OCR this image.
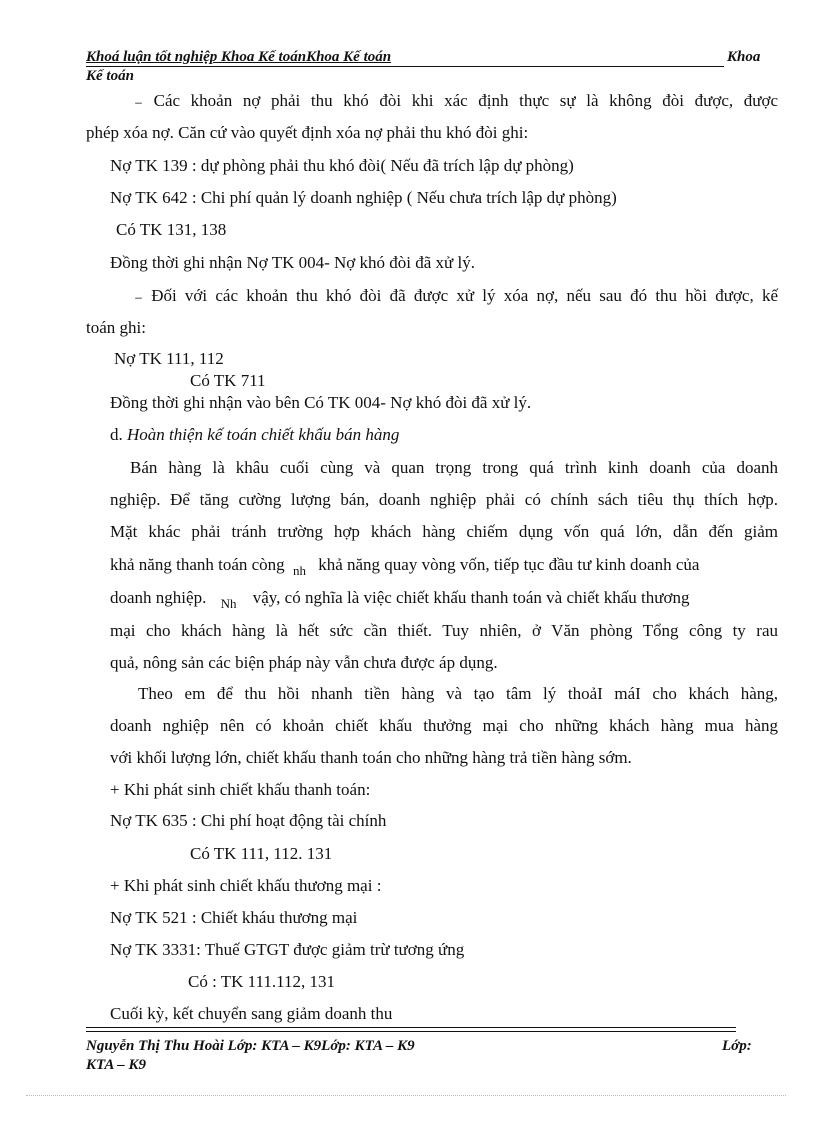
Khoá luận tốt nghiệp Khoa Kế toánKhoa Kế toán	Khoa
Kế toán
₋ Các khoản nợ phải thu khó đòi khi xác định thực sự là không đòi được, được
phép xóa nợ. Căn cứ vào quyết định xóa nợ phải thu khó đòi ghi:
Nợ TK 139 : dự phòng phải thu khó đòi( Nếu đã trích lập dự phòng)
Nợ TK 642 : Chi phí quản lý doanh nghiệp ( Nếu chưa trích lập dự phòng)
Có TK 131, 138
Đồng thời ghi nhận Nợ TK 004- Nợ khó đòi đã xử lý.
₋ Đối với các khoản thu khó đòi đã được xử lý xóa nợ, nếu sau đó thu hồi được, kế
toán ghi:
Nợ TK 111, 112
Có TK 711
Đồng thời ghi nhận vào bên Có TK 004- Nợ khó đòi đã xử lý.
d. Hoàn thiện kế toán chiết khấu bán hàng
Bán hàng là khâu cuối cùng và quan trọng trong quá trình kinh doanh của doanh
nghiệp. Để tăng cường lượng bán, doanh nghiệp phải có chính sách tiêu thụ thích hợp.
Mặt khác phải tránh trường hợp khách hàng chiếm dụng vốn quá lớn, dẫn đến giảm
khả năng thanh toán còng $_{nh}$ khả năng quay vòng vốn, tiếp tục đầu tư kinh doanh của
doanh nghiệp. $_{Nh}$ vậy, có nghĩa là việc chiết khấu thanh toán và chiết khấu thương
mại cho khách hàng là hết sức cần thiết. Tuy nhiên, ở Văn phòng Tổng công ty rau
quả, nông sản các biện pháp này vẫn chưa được áp dụng.
Theo em để thu hồi nhanh tiền hàng và tạo tâm lý thoảI máI cho khách hàng,
doanh nghiệp nên có khoản chiết khấu thưởng mại cho những khách hàng mua hàng
với khối lượng lớn, chiết khấu thanh toán cho những hàng trả tiền hàng sớm.
+ Khi phát sinh chiết khấu thanh toán:
Nợ TK 635 : Chi phí hoạt động tài chính
Có TK 111, 112. 131
+ Khi phát sinh chiết khấu thương mại :
Nợ TK 521 : Chiết kháu thương mại
Nợ TK 3331: Thuế GTGT được giảm trừ tương ứng
Có : TK 111.112, 131
Cuối kỳ, kết chuyển sang giảm doanh thu
Nguyễn Thị Thu Hoài Lớp: KTA – K9Lớp: KTA – K9	Lớp:
KTA – K9
